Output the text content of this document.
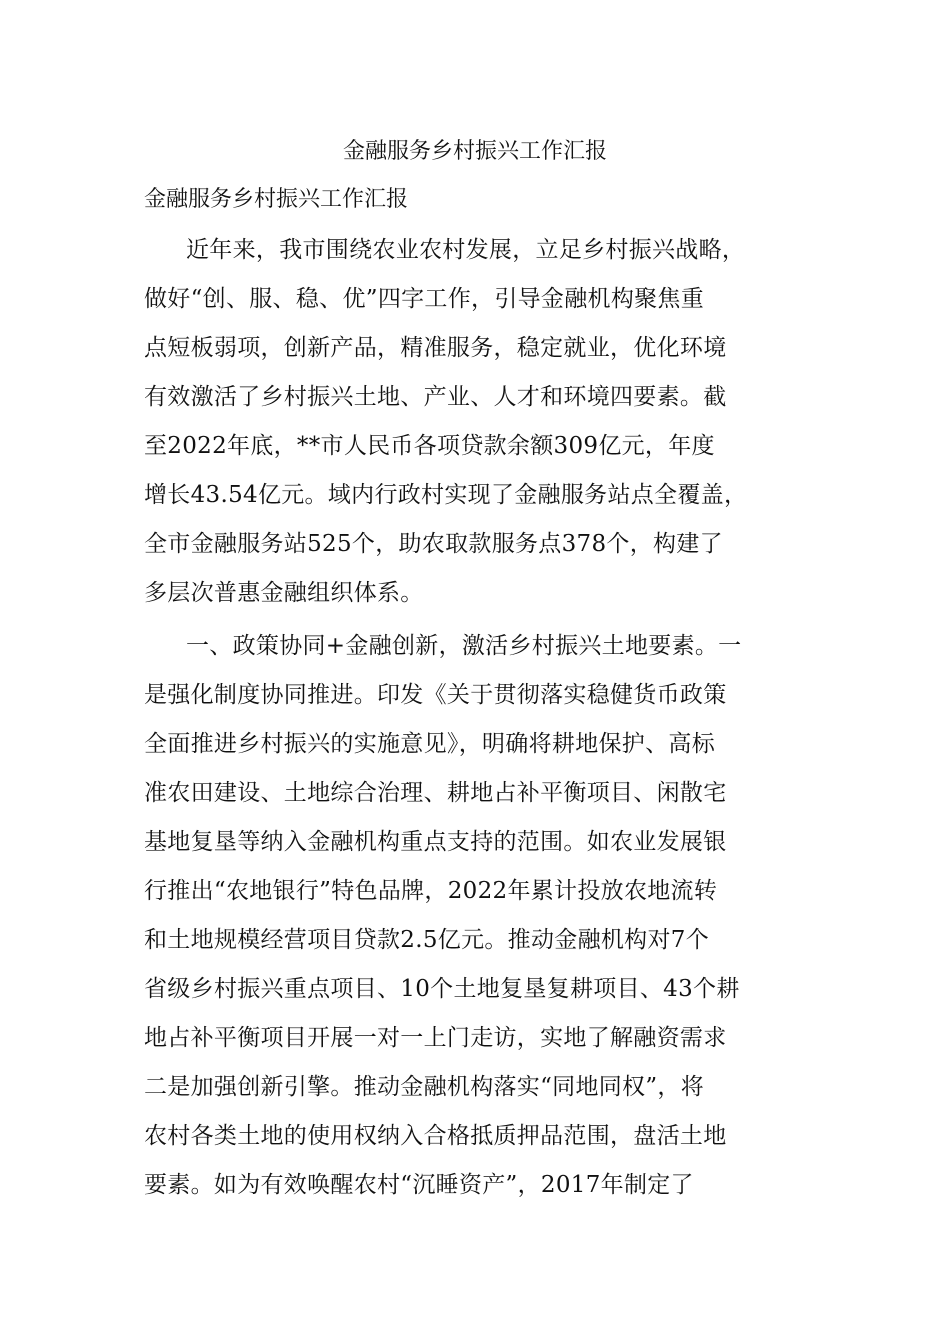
金融服务乡村振兴工作汇报
金融服务乡村振兴工作汇报
近年来，我市围绕农业农村发展，立足乡村振兴战略，
做好“创、服、稳、优”四字工作，引导金融机构聚焦重
点短板弱项，创新产品，精准服务，稳定就业，优化环境
有效激活了乡村振兴土地、产业、人才和环境四要素。截
至2022年底，**市人民币各项贷款余额309亿元，年度
增长43.54亿元。域内行政村实现了金融服务站点全覆盖，
全市金融服务站525个，助农取款服务点378个，构建了
多层次普惠金融组织体系。
一、政策协同+金融创新，激活乡村振兴土地要素。一
是强化制度协同推进。印发《关于贯彻落实稳健货币政策
全面推进乡村振兴的实施意见》，明确将耕地保护、高标
准农田建设、土地综合治理、耕地占补平衡项目、闲散宅
基地复垦等纳入金融机构重点支持的范围。如农业发展银
行推出“农地银行”特色品牌，2022年累计投放农地流转
和土地规模经营项目贷款2.5亿元。推动金融机构对7个
省级乡村振兴重点项目、10个土地复垦复耕项目、43个耕
地占补平衡项目开展一对一上门走访，实地了解融资需求
二是加强创新引擎。推动金融机构落实“同地同权”，将
农村各类土地的使用权纳入合格抵质押品范围，盘活土地
要素。如为有效唤醒农村“沉睡资产”，2017年制定了
